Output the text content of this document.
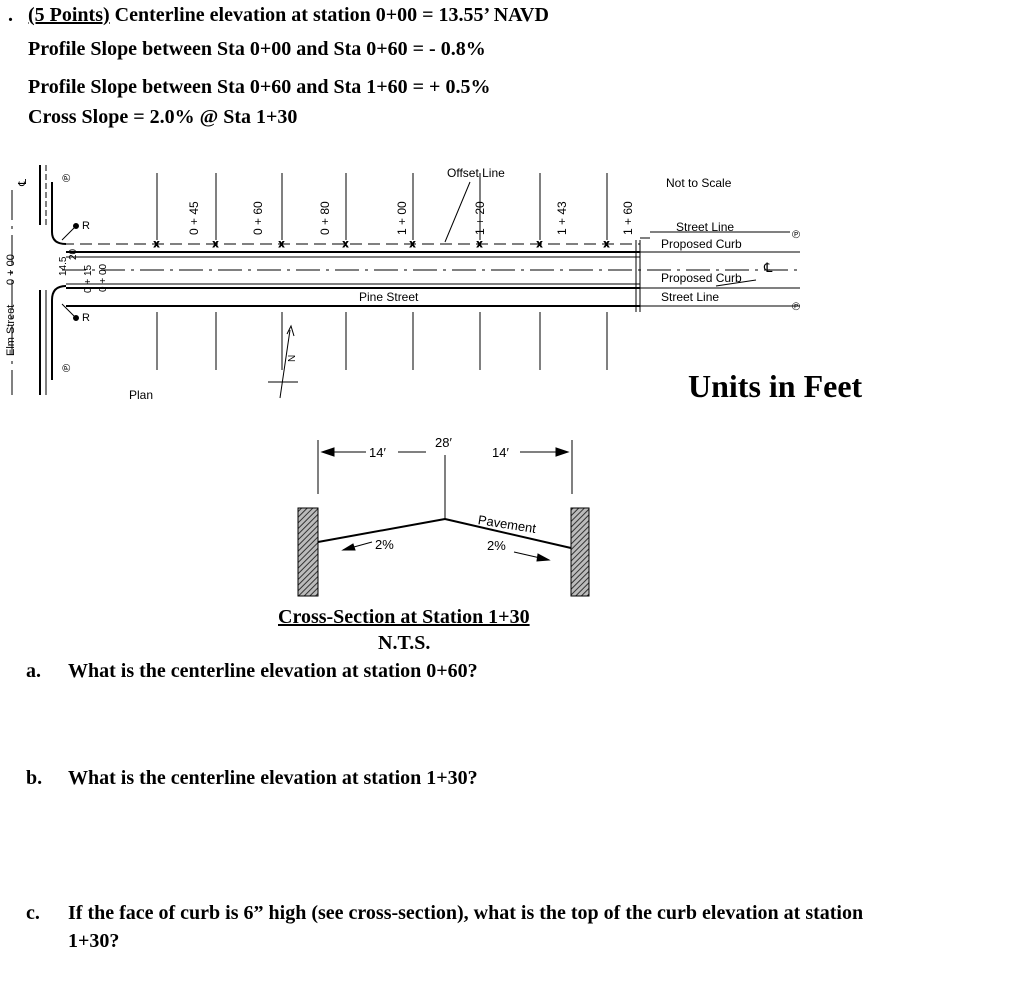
. (5 Points) Centerline elevation at station 0+00 = 13.55’ NAVD
Profile Slope between Sta 0+00 and Sta 0+60 = - 0.8%
Profile Slope between Sta 0+60 and Sta 1+60 = + 0.5%
Cross Slope = 2.0% @ Sta 1+30
x	x	x	x	x	x	x	x
Offset Line
Not to Scale
Street Line
Proposed Curb
Proposed Curb
Street Line
Pine Street
Plan
R
R
℄
℗
℗
N
Elm Street
0 + 00
℄
℗
℗
14.5
20
0 + 15 0 + 00
0 + 45	0 + 60	0 + 80	1 + 00	1 + 20	1 + 43	1 + 60
14′
28′
14′
Pavement
2%	2%
Units in Feet
Cross-Section at Station 1+30
N.T.S.
a. What is the centerline elevation at station 0+60?
b. What is the centerline elevation at station 1+30?
c. If the face of curb is 6” high (see cross-section), what is the top of the curb elevation at station
1+30?
